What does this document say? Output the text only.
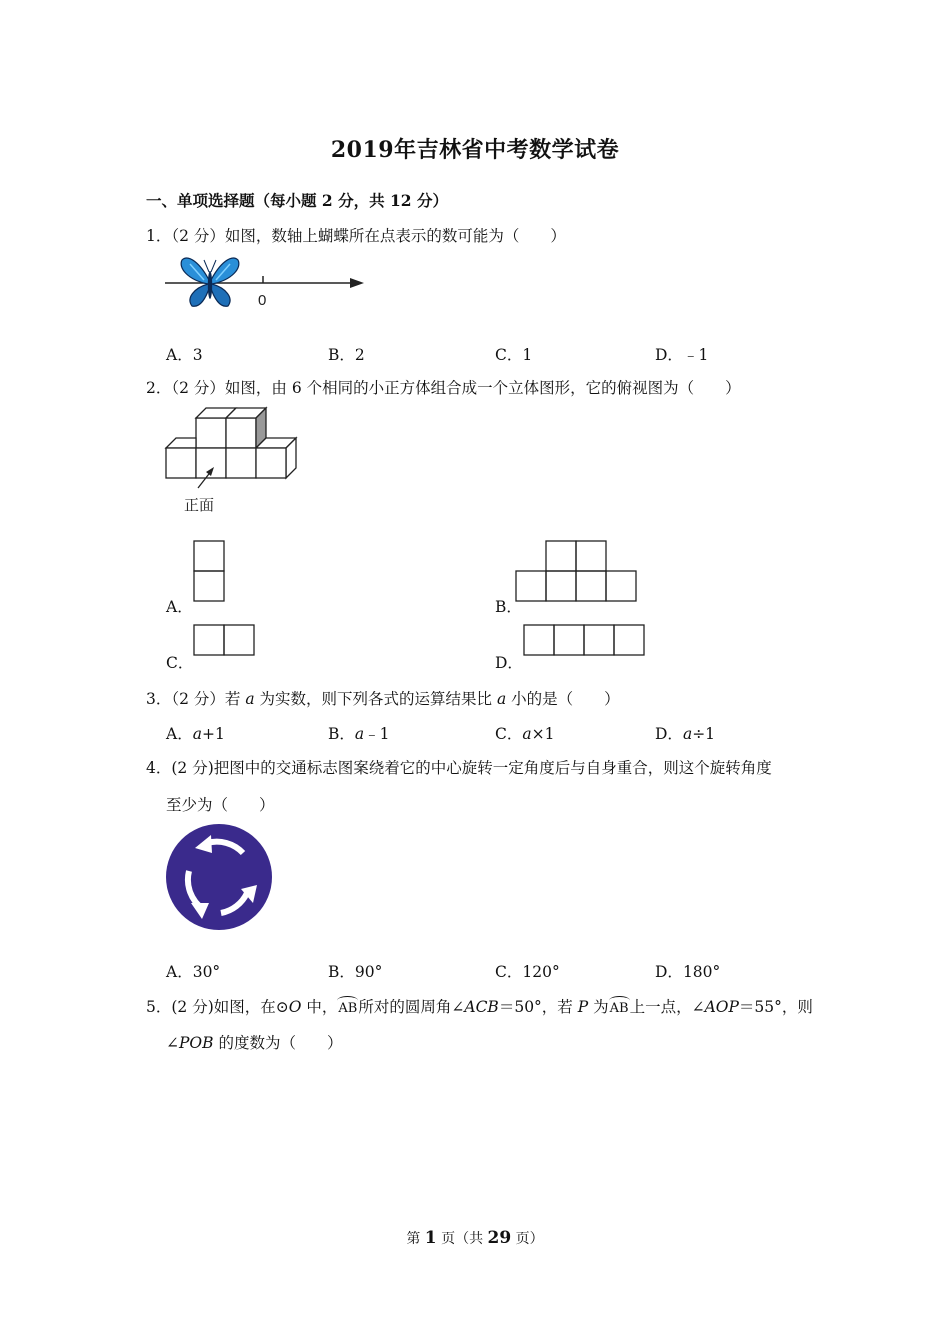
2019年吉林省中考数学试卷
一、单项选择题（每小题 2 分，共 12 分）
1．（2 分）如图，数轴上蝴蝶所在点表示的数可能为（　　）
0
A．3	B．2	C．1	D．﹣1
2．（2 分）如图，由 6 个相同的小正方体组合成一个立体图形，它的俯视图为（　　）
正面
A．	B．
C．	D．
3．（2 分）若 a 为实数，则下列各式的运算结果比 a 小的是（　　）
A．a+1	B．a﹣1	C．a×1	D．a÷1
4．(2 分)把图中的交通标志图案绕着它的中心旋转一定角度后与自身重合，则这个旋转角度
至少为（　　）
A．30°	B．90°	C．120°	D．180°
5．(2 分)如图，在⊙O 中，AB所对的圆周角∠ACB＝50°，若 P 为AB上一点，∠AOP＝55°，则
∠POB 的度数为（　　）
第 1 页（共 29 页）
